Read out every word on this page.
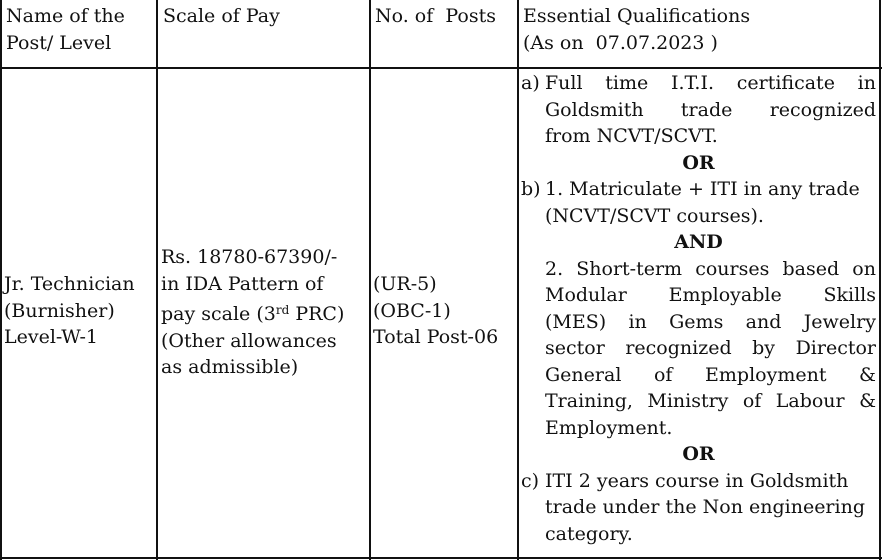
Name of the
Post/ Level
Scale of Pay	No. of  Posts Essential Qualifications
(As on  07.07.2023 )
Jr. Technician
(Burnisher)
Level-W-1
Rs. 18780-67390/-
in IDA Pattern of
pay scale (3rd PRC)
(Other allowances
as admissible)
(UR-5)
(OBC-1)
Total Post-06
a) Full time I.T.I. certificate in
Goldsmith trade recognized
from NCVT/SCVT.
OR
b) 1. Matriculate + ITI in any trade
(NCVT/SCVT courses).
AND
2. Short-term courses based on
Modular Employable Skills
(MES) in Gems and Jewelry
sector recognized by Director
General of Employment &
Training, Ministry of Labour &
Employment.
OR
c) ITI 2 years course in Goldsmith
trade under the Non engineering
category.
